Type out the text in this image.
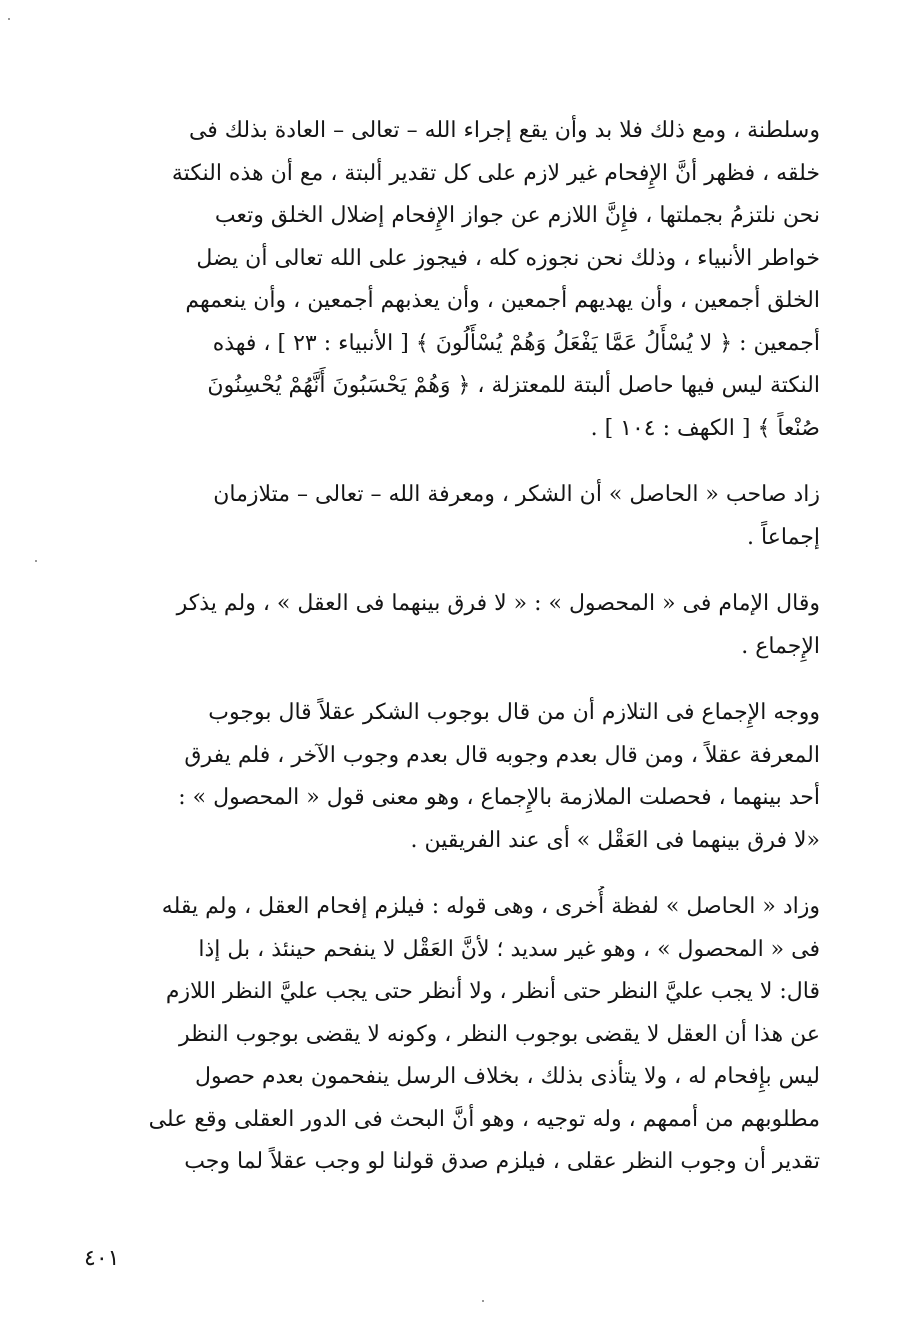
وسلطنة ، ومع ذلك فلا بد وأن يقع إجراء الله – تعالى – العادة بذلك فى
خلقه ، فظهر أنَّ الإِفحام غير لازم على كل تقدير ألبتة ، مع أن هذه النكتة
نحن نلتزمُ بجملتها ، فإِنَّ اللازم عن جواز الإِفحام إضلال الخلق وتعب
خواطر الأنبياء ، وذلك نحن نجوزه كله ، فيجوز على الله تعالى أن يضل
الخلق أجمعين ، وأن يهديهم أجمعين ، وأن يعذبهم أجمعين ، وأن ينعمهم
أجمعين : ﴿ لا يُسْأَلُ عَمَّا يَفْعَلُ وَهُمْ يُسْأَلُونَ ﴾ [ الأنبياء : ٢٣ ] ، فهذه
النكتة ليس فيها حاصل ألبتة للمعتزلة ، ﴿ وَهُمْ يَحْسَبُونَ أَنَّهُمْ يُحْسِنُونَ
صُنْعاً ﴾ [ الكهف : ١٠٤ ] .

زاد صاحب « الحاصل » أن الشكر ، ومعرفة الله – تعالى – متلازمان
إجماعاً .

وقال الإمام فى « المحصول » : « لا فرق بينهما فى العقل » ، ولم يذكر
الإِجماع .

ووجه الإِجماع فى التلازم أن من قال بوجوب الشكر عقلاً قال بوجوب
المعرفة عقلاً ، ومن قال بعدم وجوبه قال بعدم وجوب الآخر ، فلم يفرق
أحد بينهما ، فحصلت الملازمة بالإِجماع ، وهو معنى قول « المحصول » :
«لا فرق بينهما فى العَقْل » أى عند الفريقين .

وزاد « الحاصل » لفظة أُخرى ، وهى قوله : فيلزم إفحام العقل ، ولم يقله
فى « المحصول » ، وهو غير سديد ؛ لأنَّ العَقْل لا ينفحم حينئذ ، بل إذا
قال: لا يجب عليَّ النظر حتى أنظر ، ولا أنظر حتى يجب عليَّ النظر اللازم
عن هذا أن العقل لا يقضى بوجوب النظر ، وكونه لا يقضى بوجوب النظر
ليس بإِفحام له ، ولا يتأذى بذلك ، بخلاف الرسل ينفحمون بعدم حصول
مطلوبهم من أممهم ، وله توجيه ، وهو أنَّ البحث فى الدور العقلى وقع على
تقدير أن وجوب النظر عقلى ، فيلزم صدق قولنا لو وجب عقلاً لما وجب

٤٠١
